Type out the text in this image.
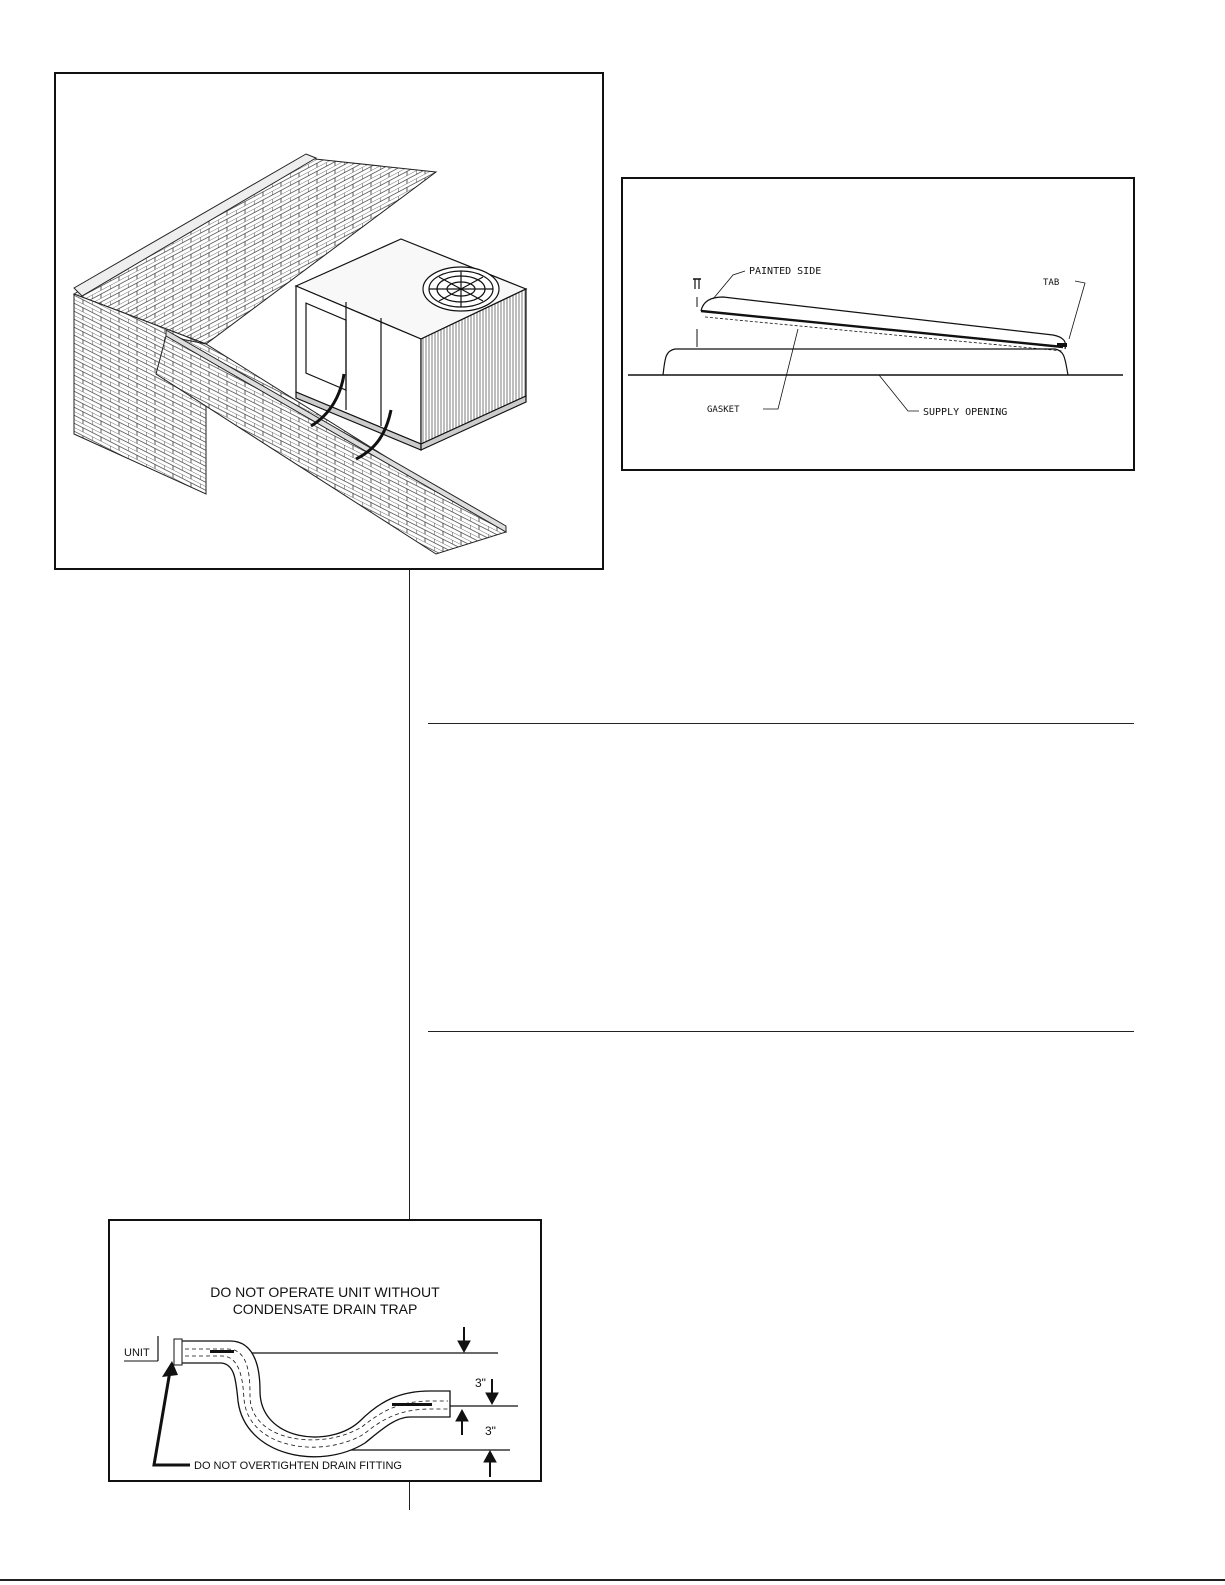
PAINTED SIDE
TAB
GASKET	SUPPLY OPENING
DO NOT OPERATE UNIT WITHOUT
CONDENSATE DRAIN TRAP
UNIT
3"
3"
DO NOT OVERTIGHTEN DRAIN FITTING
